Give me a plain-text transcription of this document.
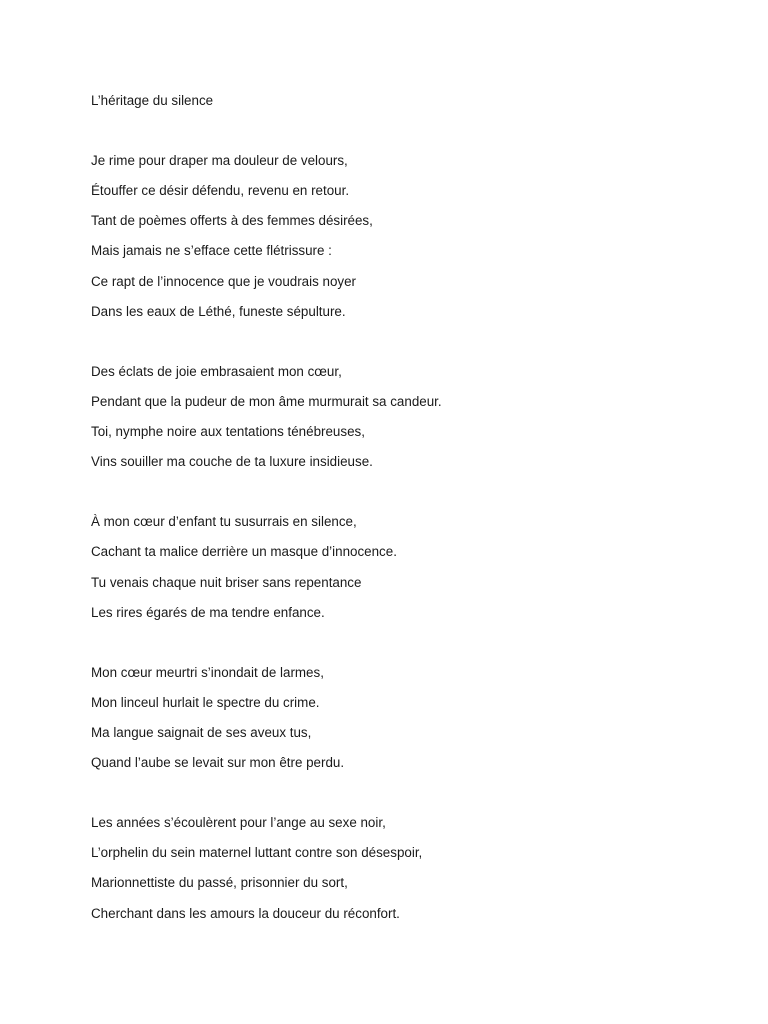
L’héritage du silence
Je rime pour draper ma douleur de velours,
Étouffer ce désir défendu, revenu en retour.
Tant de poèmes offerts à des femmes désirées,
Mais jamais ne s’efface cette flétrissure :
Ce rapt de l’innocence que je voudrais noyer
Dans les eaux de Léthé, funeste sépulture.
Des éclats de joie embrasaient mon cœur,
Pendant que la pudeur de mon âme murmurait sa candeur.
Toi, nymphe noire aux tentations ténébreuses,
Vins souiller ma couche de ta luxure insidieuse.
À mon cœur d’enfant tu susurrais en silence,
Cachant ta malice derrière un masque d’innocence.
Tu venais chaque nuit briser sans repentance
Les rires égarés de ma tendre enfance.
Mon cœur meurtri s’inondait de larmes,
Mon linceul hurlait le spectre du crime.
Ma langue saignait de ses aveux tus,
Quand l’aube se levait sur mon être perdu.
Les années s’écoulèrent pour l’ange au sexe noir,
L’orphelin du sein maternel luttant contre son désespoir,
Marionnettiste du passé, prisonnier du sort,
Cherchant dans les amours la douceur du réconfort.
